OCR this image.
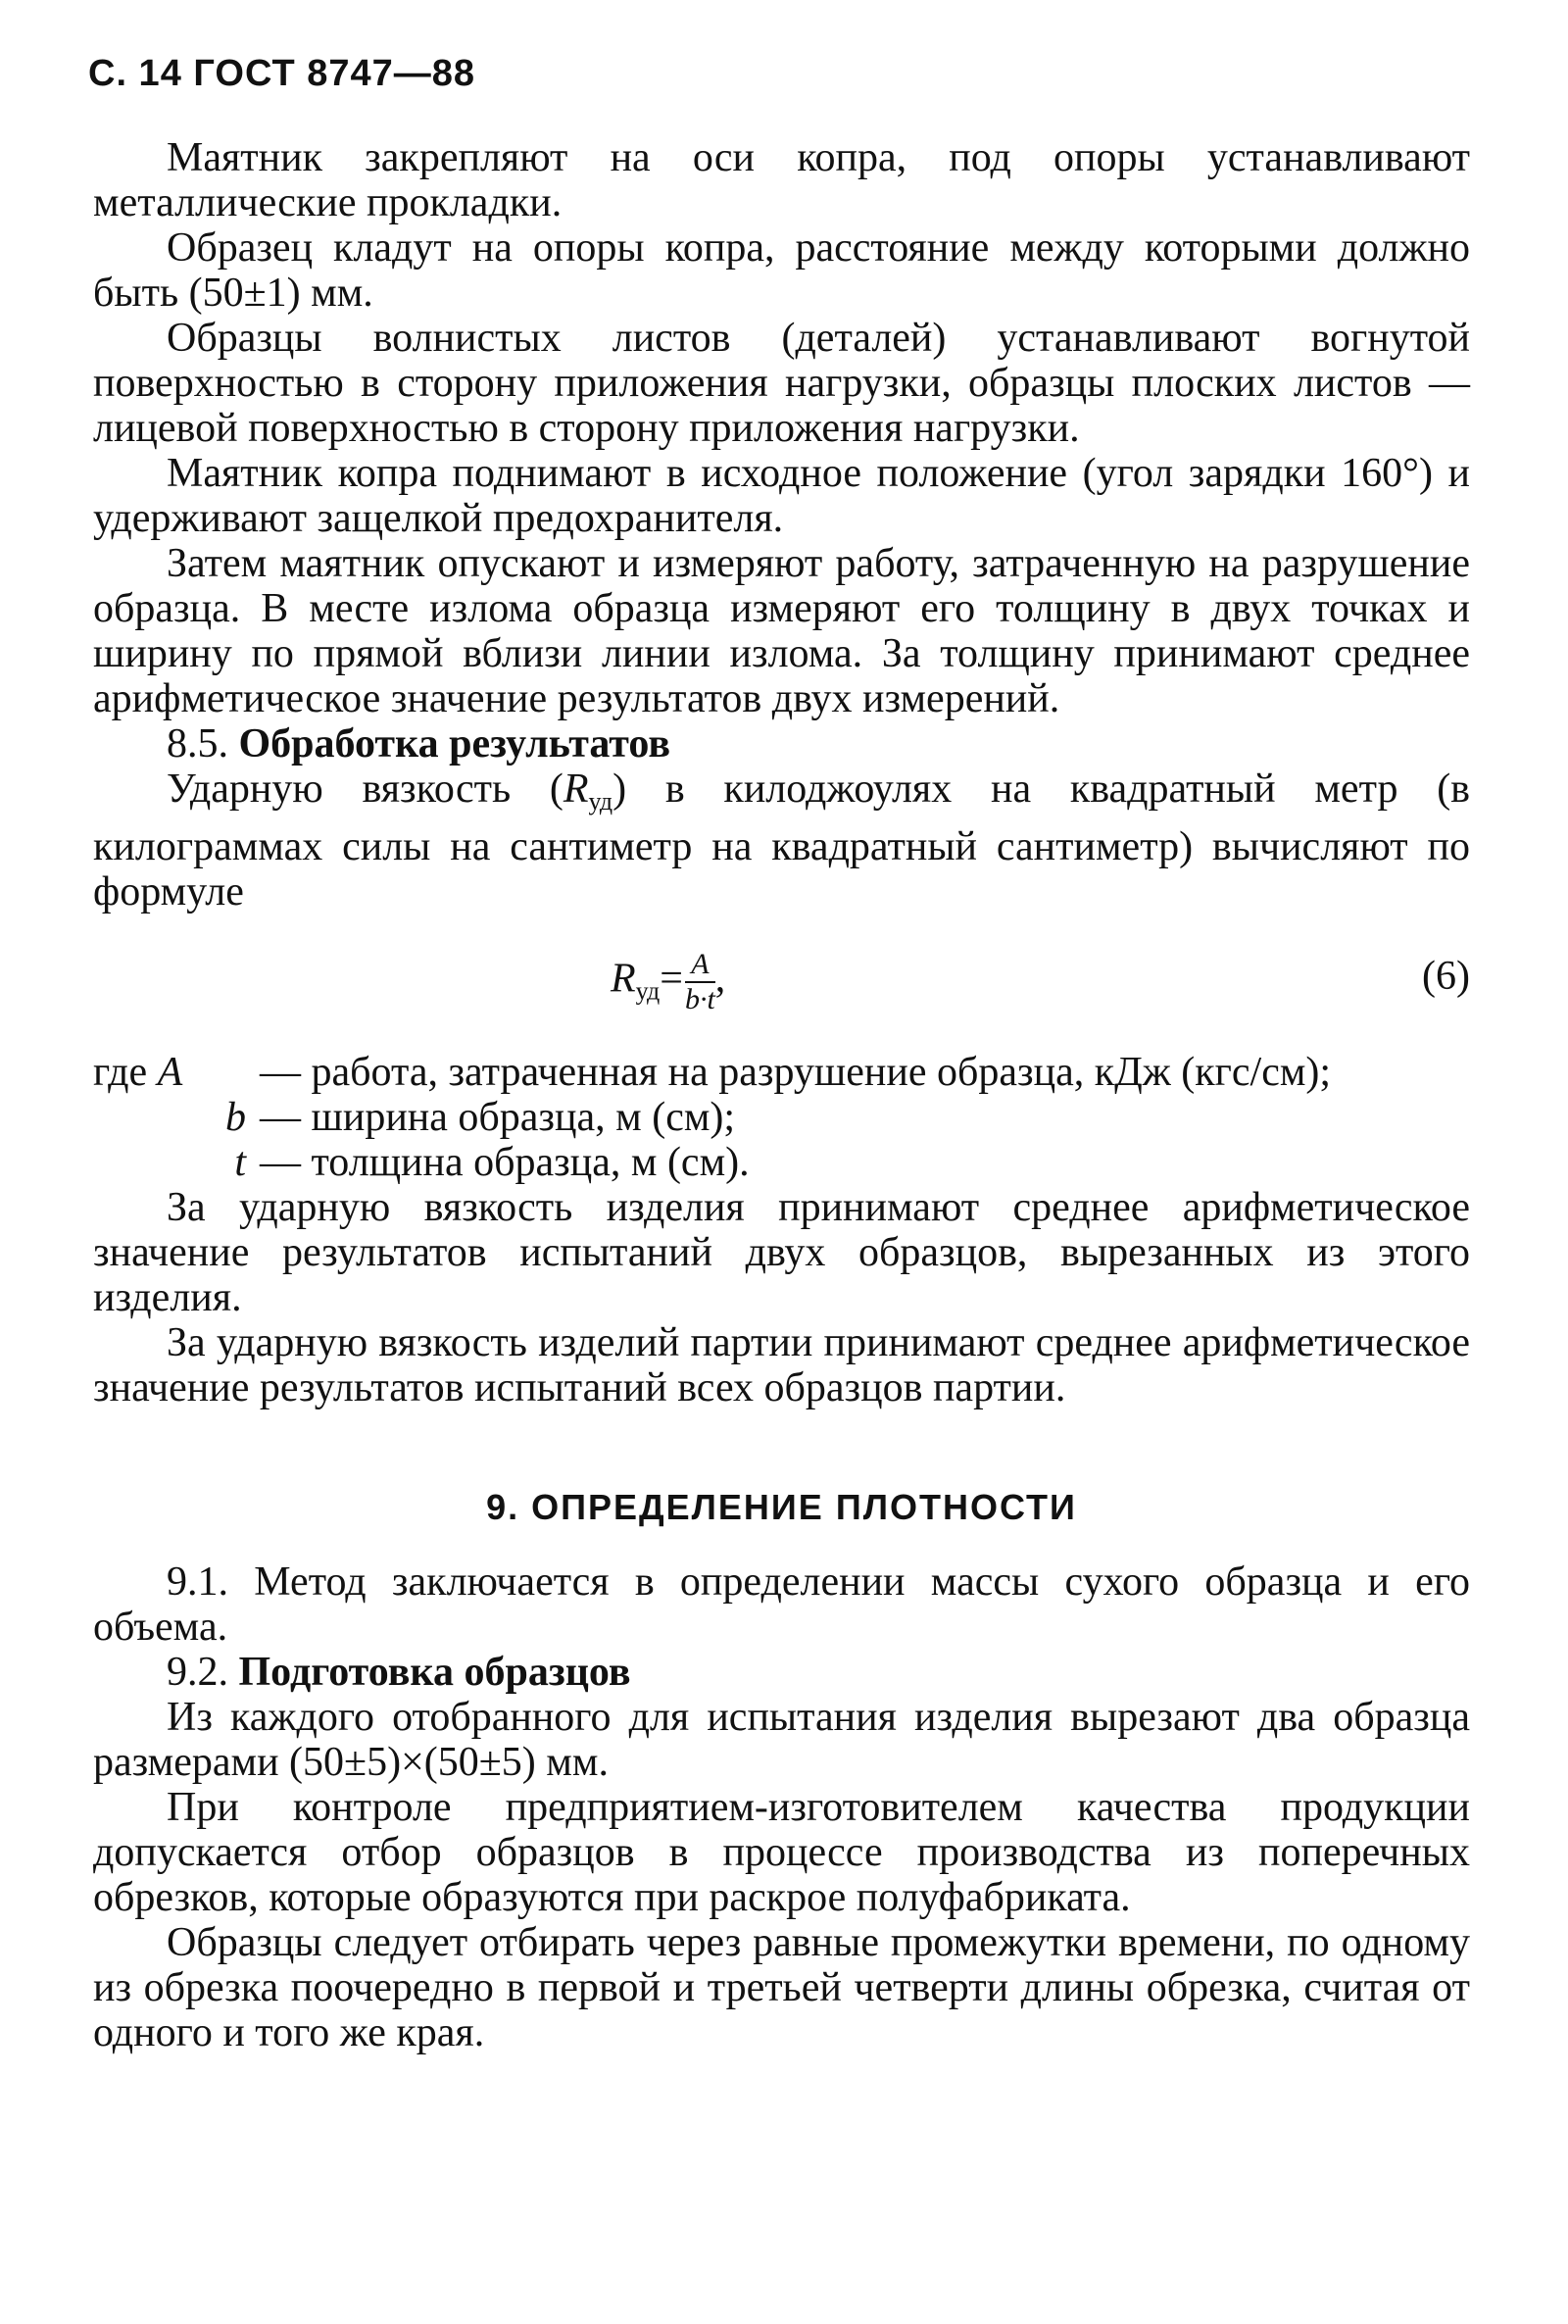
С. 14 ГОСТ 8747—88

Маятник закрепляют на оси копра, под опоры устанавливают металлические прокладки.

Образец кладут на опоры копра, расстояние между которыми должно быть (50±1) мм.

Образцы волнистых листов (деталей) устанавливают вогнутой поверхностью в сторону приложения нагрузки, образцы плоских листов — лицевой поверхностью в сторону приложения нагрузки.

Маятник копра поднимают в исходное положение (угол зарядки 160°) и удерживают защелкой предохранителя.

Затем маятник опускают и измеряют работу, затраченную на разрушение образца. В месте излома образца измеряют его толщину в двух точках и ширину по прямой вблизи линии излома. За толщину принимают среднее арифметическое значение результатов двух измерений.

8.5. Обработка результатов

Ударную вязкость $(R_{уд})$ в килоджоулях на квадратный метр (в килограммах силы на сантиметр на квадратный сантиметр) вычисляют по формуле

$R_{уд}= \frac{A}{b\cdot t}$ ,	(6)
где A	— работа, затраченная на разрушение образца, кДж (кгс/см);
b — ширина образца, м (см);
t — толщина образца, м (см).

За ударную вязкость изделия принимают среднее арифметическое значение результатов испытаний двух образцов, вырезанных из этого изделия.

За ударную вязкость изделий партии принимают среднее арифметическое значение результатов испытаний всех образцов партии.

9. ОПРЕДЕЛЕНИЕ ПЛОТНОСТИ

9.1. Метод заключается в определении массы сухого образца и его объема.

9.2. Подготовка образцов

Из каждого отобранного для испытания изделия вырезают два образца размерами (50±5)×(50±5) мм.

При контроле предприятием-изготовителем качества продукции допускается отбор образцов в процессе производства из поперечных обрезков, которые образуются при раскрое полуфабриката.

Образцы следует отбирать через равные промежутки времени, по одному из обрезка поочередно в первой и третьей четверти длины обрезка, считая от одного и того же края.
